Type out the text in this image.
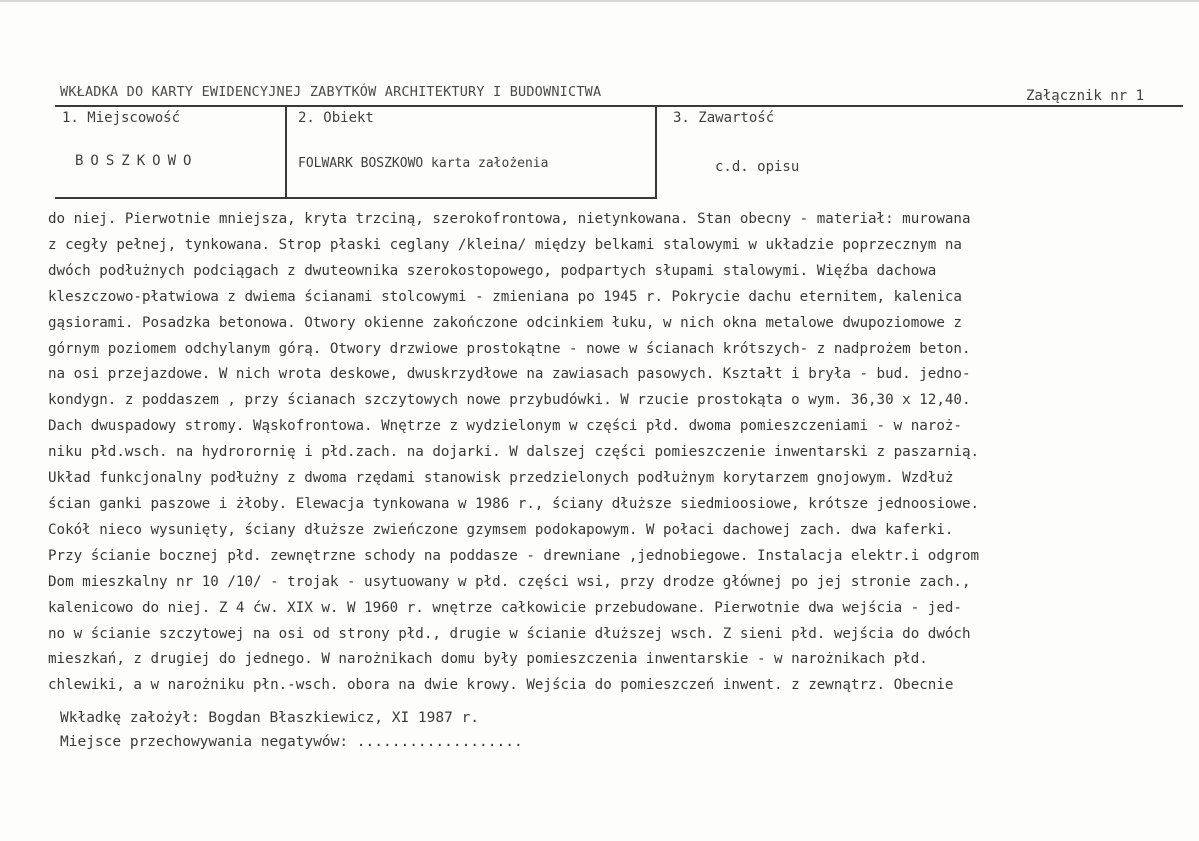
WKŁADKA DO KARTY EWIDENCYJNEJ ZABYTKÓW ARCHITEKTURY I BUDOWNICTWA	Załącznik nr 1
1. Miejscowość
BOSZKOWO
2. Obiekt
FOLWARK BOSZKOWO karta założenia
3. Zawartość
c.d. opisu
do niej. Pierwotnie mniejsza, kryta trzciną, szerokofrontowa, nietynkowana. Stan obecny - materiał: murowana
z cegły pełnej, tynkowana. Strop płaski ceglany /kleina/ między belkami stalowymi w układzie poprzecznym na
dwóch podłużnych podciągach z dwuteownika szerokostopowego, podpartych słupami stalowymi. Więźba dachowa
kleszczowo-płatwiowa z dwiema ścianami stolcowymi - zmieniana po 1945 r. Pokrycie dachu eternitem, kalenica
gąsiorami. Posadzka betonowa. Otwory okienne zakończone odcinkiem łuku, w nich okna metalowe dwupoziomowe z
górnym poziomem odchylanym górą. Otwory drzwiowe prostokątne - nowe w ścianach krótszych- z nadprożem beton.
na osi przejazdowe. W nich wrota deskowe, dwuskrzydłowe na zawiasach pasowych. Kształt i bryła - bud. jedno-
kondygn. z poddaszem , przy ścianach szczytowych nowe przybudówki. W rzucie prostokąta o wym. 36,30 x 12,40.
Dach dwuspadowy stromy. Wąskofrontowa. Wnętrze z wydzielonym w części płd. dwoma pomieszczeniami - w naroż-
niku płd.wsch. na hydrorornię i płd.zach. na dojarki. W dalszej części pomieszczenie inwentarski z paszarnią.
Układ funkcjonalny podłużny z dwoma rzędami stanowisk przedzielonych podłużnym korytarzem gnojowym. Wzdłuż
ścian ganki paszowe i żłoby. Elewacja tynkowana w 1986 r., ściany dłuższe siedmioosiowe, krótsze jednoosiowe.
Cokół nieco wysunięty, ściany dłuższe zwieńczone gzymsem podokapowym. W połaci dachowej zach. dwa kaferki.
Przy ścianie bocznej płd. zewnętrzne schody na poddasze - drewniane ,jednobiegowe. Instalacja elektr.i odgrom
Dom mieszkalny nr 10 /10/ - trojak - usytuowany w płd. części wsi, przy drodze głównej po jej stronie zach.,
kalenicowo do niej. Z 4 ćw. XIX w. W 1960 r. wnętrze całkowicie przebudowane. Pierwotnie dwa wejścia - jed-
no w ścianie szczytowej na osi od strony płd., drugie w ścianie dłuższej wsch. Z sieni płd. wejścia do dwóch
mieszkań, z drugiej do jednego. W narożnikach domu były pomieszczenia inwentarskie - w narożnikach płd.
chlewiki, a w narożniku płn.-wsch. obora na dwie krowy. Wejścia do pomieszczeń inwent. z zewnątrz. Obecnie
Wkładkę założył: Bogdan Błaszkiewicz, XI 1987 r.
Miejsce przechowywania negatywów: ...................
